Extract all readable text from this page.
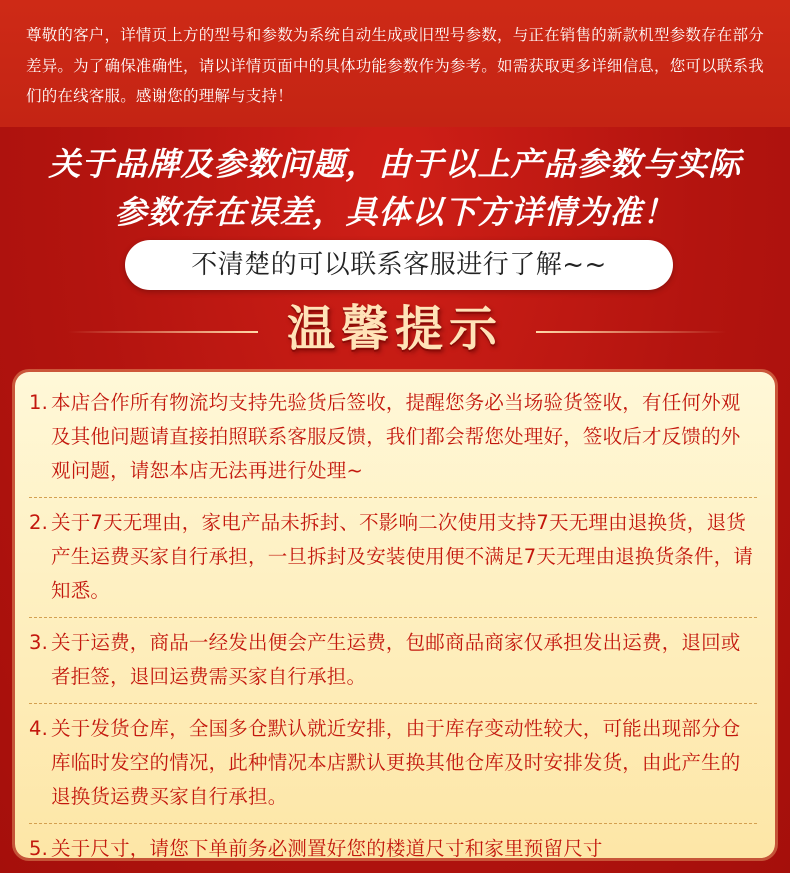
尊敬的客户，详情页上方的型号和参数为系统自动生成或旧型号参数，与正在销售的新款机型参数存在部分差异。为了确保准确性，请以详情页面中的具体功能参数作为参考。如需获取更多详细信息，您可以联系我们的在线客服。感谢您的理解与支持！
关于品牌及参数问题，由于以上产品参数与实际
参数存在误差，具体以下方详情为准！
不清楚的可以联系客服进行了解~~
温馨提示
1. 本店合作所有物流均支持先验货后签收，提醒您务必当场验货签收，有任何外观及其他问题请直接拍照联系客服反馈，我们都会帮您处理好，签收后才反馈的外观问题，请恕本店无法再进行处理~
2. 关于7天无理由，家电产品未拆封、不影响二次使用支持7天无理由退换货，退货产生运费买家自行承担，一旦拆封及安装使用便不满足7天无理由退换货条件，请知悉。
3. 关于运费，商品一经发出便会产生运费，包邮商品商家仅承担发出运费，退回或者拒签，退回运费需买家自行承担。
4. 关于发货仓库，全国多仓默认就近安排，由于库存变动性较大，可能出现部分仓库临时发空的情况，此种情况本店默认更换其他仓库及时安排发货，由此产生的退换货运费买家自行承担。
5. 关于尺寸，请您下单前务必测置好您的楼道尺寸和家里预留尺寸
